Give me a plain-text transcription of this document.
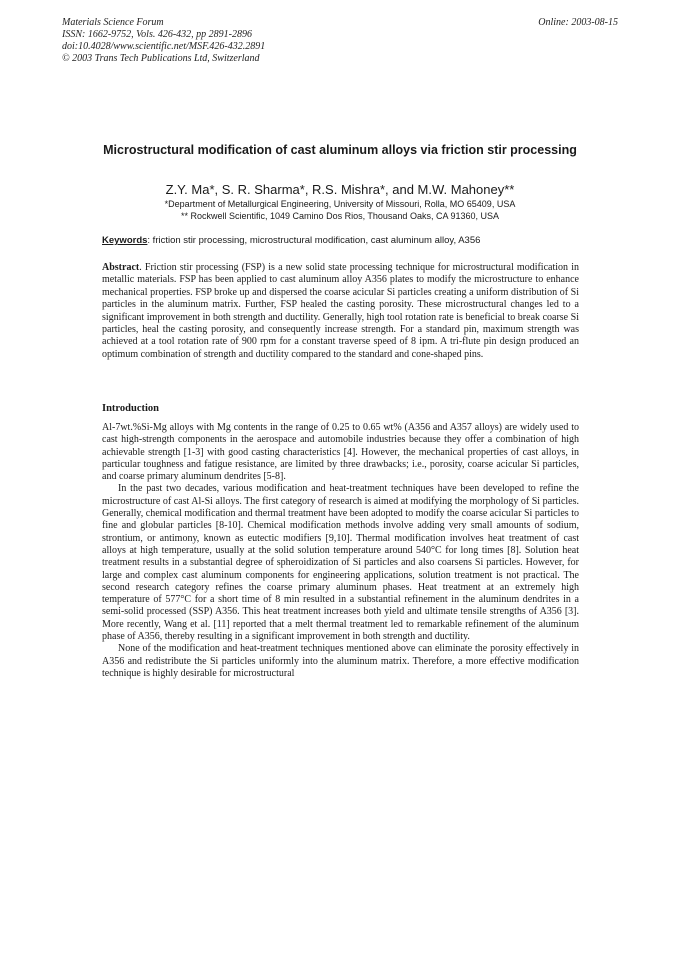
Materials Science Forum
ISSN: 1662-9752, Vols. 426-432, pp 2891-2896
doi:10.4028/www.scientific.net/MSF.426-432.2891
© 2003 Trans Tech Publications Ltd, Switzerland
Online: 2003-08-15
Microstructural modification of cast aluminum alloys via friction stir processing
Z.Y. Ma*, S. R. Sharma*, R.S. Mishra*, and M.W. Mahoney**
*Department of Metallurgical Engineering, University of Missouri, Rolla, MO 65409, USA
** Rockwell Scientific, 1049 Camino Dos Rios, Thousand Oaks, CA 91360, USA
Keywords: friction stir processing, microstructural modification, cast aluminum alloy, A356
Abstract. Friction stir processing (FSP) is a new solid state processing technique for microstructural modification in metallic materials. FSP has been applied to cast aluminum alloy A356 plates to modify the microstructure to enhance mechanical properties. FSP broke up and dispersed the coarse acicular Si particles creating a uniform distribution of Si particles in the aluminum matrix. Further, FSP healed the casting porosity. These microstructural changes led to a significant improvement in both strength and ductility. Generally, high tool rotation rate is beneficial to break coarse Si particles, heal the casting porosity, and consequently increase strength. For a standard pin, maximum strength was achieved at a tool rotation rate of 900 rpm for a constant traverse speed of 8 ipm. A tri-flute pin design produced an optimum combination of strength and ductility compared to the standard and cone-shaped pins.
Introduction

Al-7wt.%Si-Mg alloys with Mg contents in the range of 0.25 to 0.65 wt% (A356 and A357 alloys) are widely used to cast high-strength components in the aerospace and automobile industries because they offer a combination of high achievable strength [1-3] with good casting characteristics [4]. However, the mechanical properties of cast alloys, in particular toughness and fatigue resistance, are limited by three drawbacks; i.e., porosity, coarse acicular Si particles, and coarse primary aluminum dendrites [5-8].

In the past two decades, various modification and heat-treatment techniques have been developed to refine the microstructure of cast Al-Si alloys. The first category of research is aimed at modifying the morphology of Si particles. Generally, chemical modification and thermal treatment have been adopted to modify the coarse acicular Si particles to fine and globular particles [8-10]. Chemical modification methods involve adding very small amounts of sodium, strontium, or antimony, known as eutectic modifiers [9,10]. Thermal modification involves heat treatment of cast alloys at high temperature, usually at the solid solution temperature around 540°C for long times [8]. Solution heat treatment results in a substantial degree of spheroidization of Si particles and also coarsens Si particles. However, for large and complex cast aluminum components for engineering applications, solution treatment is not practical. The second research category refines the coarse primary aluminum phases. Heat treatment at an extremely high temperature of 577°C for a short time of 8 min resulted in a substantial refinement in the aluminum dendrites in a semi-solid processed (SSP) A356. This heat treatment increases both yield and ultimate tensile strengths of A356 [3]. More recently, Wang et al. [11] reported that a melt thermal treatment led to remarkable refinement of the aluminum phase of A356, thereby resulting in a significant improvement in both strength and ductility.

None of the modification and heat-treatment techniques mentioned above can eliminate the porosity effectively in A356 and redistribute the Si particles uniformly into the aluminum matrix. Therefore, a more effective modification technique is highly desirable for microstructural
